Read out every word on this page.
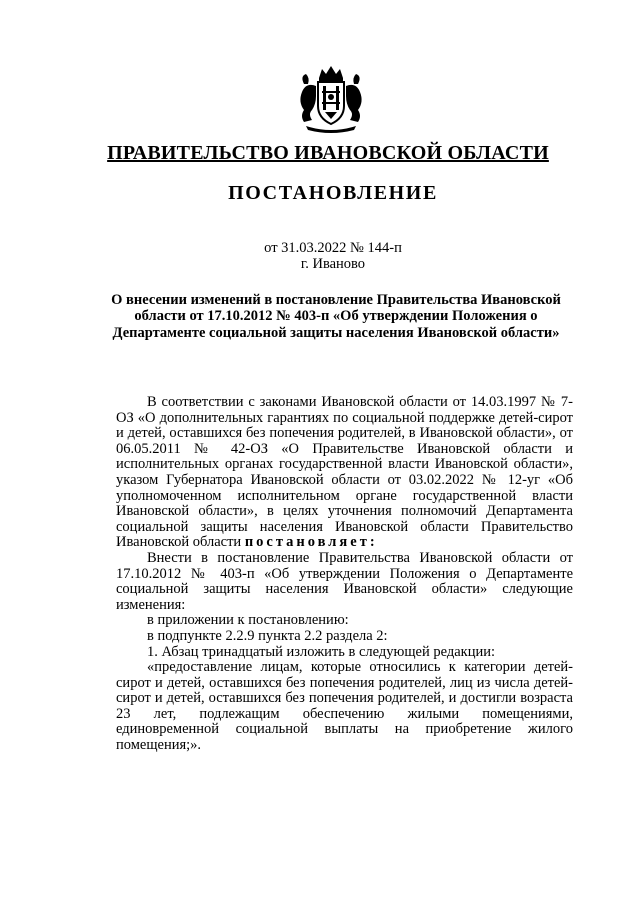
ПРАВИТЕЛЬСТВО ИВАНОВСКОЙ ОБЛАСТИ
ПОСТАНОВЛЕНИЕ
от 31.03.2022 № 144-п
г. Иваново
О внесении изменений в постановление Правительства Ивановской области от 17.10.2012 № 403-п «Об утверждении Положения о Департаменте социальной защиты населения Ивановской области»

В соответствии с законами Ивановской области от 14.03.1997 № 7-ОЗ «О дополнительных гарантиях по социальной поддержке детей-сирот и детей, оставшихся без попечения родителей, в Ивановской области», от 06.05.2011 № 42-ОЗ «О Правительстве Ивановской области и исполнительных органах государственной власти Ивановской области», указом Губернатора Ивановской области от 03.02.2022 № 12-уг «Об уполномоченном исполнительном органе государственной власти Ивановской области», в целях уточнения полномочий Департамента социальной защиты населения Ивановской области Правительство Ивановской области постановляет:

Внести в постановление Правительства Ивановской области от 17.10.2012 № 403-п «Об утверждении Положения о Департаменте социальной защиты населения Ивановской области» следующие изменения:

в приложении к постановлению:

в подпункте 2.2.9 пункта 2.2 раздела 2:

1. Абзац тринадцатый изложить в следующей редакции:

«предоставление лицам, которые относились к категории детей-сирот и детей, оставшихся без попечения родителей, лиц из числа детей-сирот и детей, оставшихся без попечения родителей, и достигли возраста 23 лет, подлежащим обеспечению жилыми помещениями, единовременной социальной выплаты на приобретение жилого помещения;».
